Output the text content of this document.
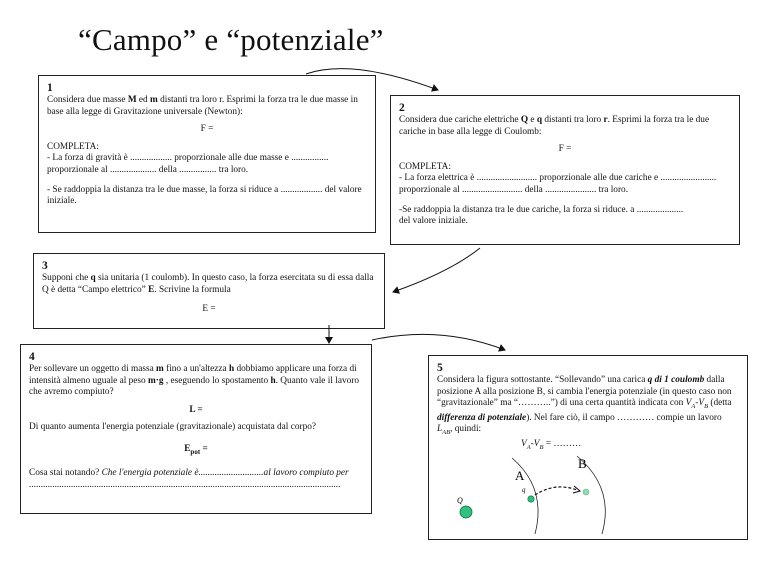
“Campo” e “potenziale”
1

Considera due masse M ed m distanti tra loro r. Esprimi la forza tra le due masse in base alla legge di Gravitazione universale (Newton):

F =

COMPLETA:

- La forza di gravità è .................. proporzionale alle due masse e ................

proporzionale al .................... della ................ tra loro.

- Se raddoppia la distanza tra le due masse, la forza si riduce a .................. del valore iniziale.

2

Considera due cariche elettriche Q e q distanti tra loro r. Esprimi la forza tra le due cariche in base alla legge di Coulomb:

F =

COMPLETA:

- La forza elettrica è .......................... proporzionale alle due cariche e ........................

proporzionale al .......................... della ...................... tra loro.

-Se raddoppia la distanza tra le due cariche, la forza si riduce. a ....................

del valore iniziale.

3

Supponi che q sia unitaria (1 coulomb). In questo caso, la forza esercitata su di essa dalla Q è detta “Campo elettrico” E. Scrivine la formula

E =
4

Per sollevare un oggetto di massa m fino a un'altezza h dobbiamo applicare una forza di intensità almeno uguale al peso m·g , eseguendo lo spostamento h. Quanto vale il lavoro che avremo compiuto?

L =

Di quanto aumenta l'energia potenziale (gravitazionale) acquistata dal corpo?

$E_{pot}$ =

Cosa stai notando? Che l'energia potenziale è............................al lavoro compiuto per

......................................................................................................................................

5

Considera la figura sottostante. “Sollevando” una carica q di 1 coulomb dalla posizione A alla posizione B, si cambia l'energia potenziale (in questo caso non “gravitazionale” ma “………..”) di una certa quantità indicata con $V_A-V_B$ (detta differenza di potenziale). Nel fare ciò, il campo ………… compie un lavoro $L_{AB}$, quindi:

$V_A-V_B$ = ………

A
B
q
Q
